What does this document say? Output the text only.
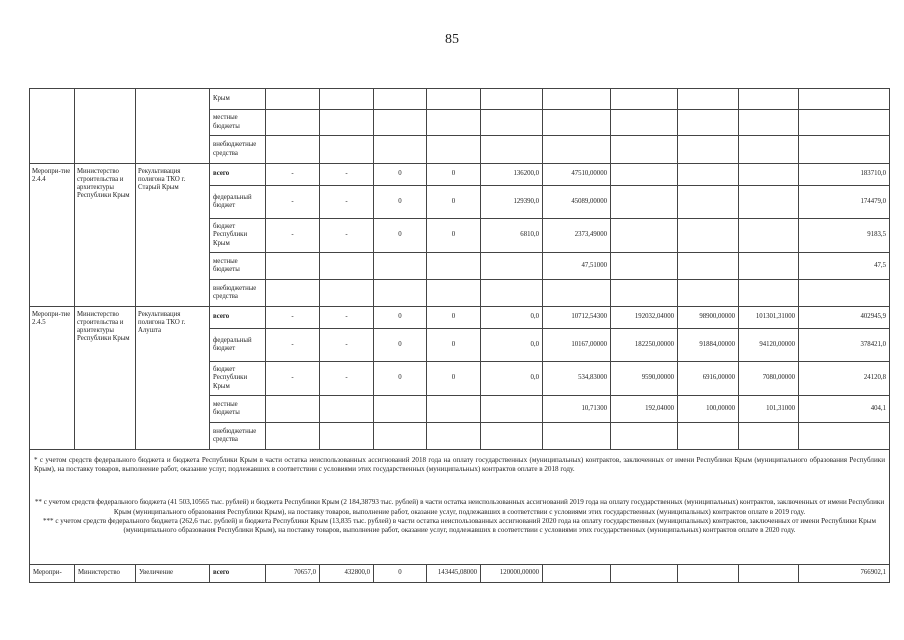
85
			Крым										
			местные бюджеты										
			внебюджетные средства										
Меропри-тие 2.4.4	Министерство строительства и архитектуры Республики Крым	Рекультивация полигона ТКО г. Старый Крым	всего	-	-	0	0	136200,0	47510,00000				183710,0
			федеральный бюджет	-	-	0	0	129390,0	45089,00000				174479,0
			бюджет Республики Крым	-	-	0	0	6810,0	2373,49000				9183,5
			местные бюджеты						47,51000				47,5
			внебюджетные средства										
Меропри-тие 2.4.5	Министерство строительства и архитектуры Республики Крым	Рекультивация полигона ТКО г. Алушта	всего	-	-	0	0	0,0	10712,54300	192032,04000	98900,00000	101301,31000	402945,9
			федеральный бюджет	-	-	0	0	0,0	10167,00000	182250,00000	91884,00000	94120,00000	378421,0
			бюджет Республики Крым	-	-	0	0	0,0	534,83000	9590,00000	6916,00000	7080,00000	24120,8
			местные бюджеты						10,71300	192,04000	100,00000	101,31000	404,1
			внебюджетные средства										

* с учетом средств федерального бюджета и бюджета Республики Крым в части остатка неиспользованных ассигнований 2018 года на оплату государственных (муниципальных) контрактов, заключенных от имени Республики Крым (муниципального образования Республики Крым), на поставку товаров, выполнение работ, оказание услуг, подлежавших в соответствии с условиями этих государственных (муниципальных) контрактов оплате в 2018 году.

** с учетом средств федерального бюджета (41 503,10565 тыс. рублей) и бюджета Республики Крым (2 184,38793 тыс. рублей) в части остатка неиспользованных ассигнований 2019 года на оплату государственных (муниципальных) контрактов, заключенных от имени Республики Крым (муниципального образования Республики Крым), на поставку товаров, выполнение работ, оказание услуг, подлежавших в соответствии с условиями этих государственных (муниципальных) контрактов оплате в 2019 году.

*** с учетом средств федерального бюджета (262,6 тыс. рублей) и бюджета Республики Крым (13,835 тыс. рублей) в части остатка неиспользованных ассигнований 2020 года на оплату государственных (муниципальных) контрактов, заключенных от имени Республики Крым (муниципального образования Республики Крым), на поставку товаров, выполнение работ, оказание услуг, подлежавших в соответствии с условиями этих государственных (муниципальных) контрактов оплате в 2020 году.													

Меропри-	Министерство	Увеличение	всего	70657,0	432800,0	0	143445,08000	120000,00000					766902,1
